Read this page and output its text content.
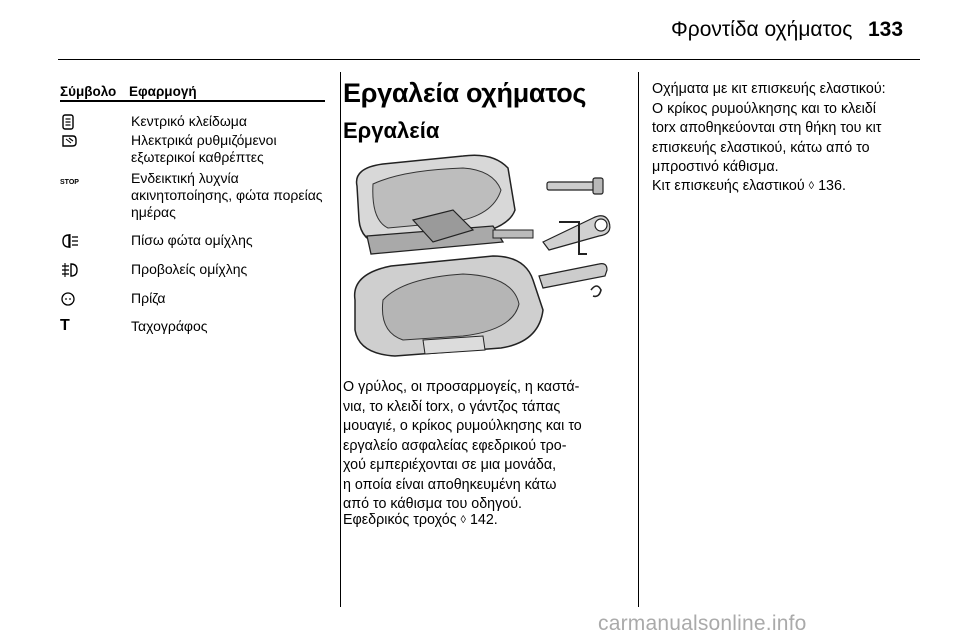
Φροντίδα οχήματος 133
Σύμβολο Εφαρμογή
Κεντρικό κλείδωμα
Ηλεκτρικά ρυθμιζόμενοι εξωτερικοί καθρέπτες
STOP	Ενδεικτική λυχνία ακινητοποίησης, φώτα πορείας ημέρας
Πίσω φώτα ομίχλης
Προβολείς ομίχλης
Πρίζα
T	Ταχογράφος
Εργαλεία οχήματος
Εργαλεία
Ο γρύλος, οι προσαρμογείς, η καστά-
νια, το κλειδί torx, ο γάντζος τάπας
μουαγιέ, ο κρίκος ρυμούλκησης και το
εργαλείο ασφαλείας εφεδρικού τρο-
χού εμπεριέχονται σε μια μονάδα,
η οποία είναι αποθηκευμένη κάτω
από το κάθισμα του οδηγού.
Εφεδρικός τροχός ◊ 142.
Οχήματα με κιτ επισκευής ελαστικού:
Ο κρίκος ρυμούλκησης και το κλειδί
torx αποθηκεύονται στη θήκη του κιτ
επισκευής ελαστικού, κάτω από το
μπροστινό κάθισμα.
Κιτ επισκευής ελαστικού ◊ 136.
carmanualsonline.info
